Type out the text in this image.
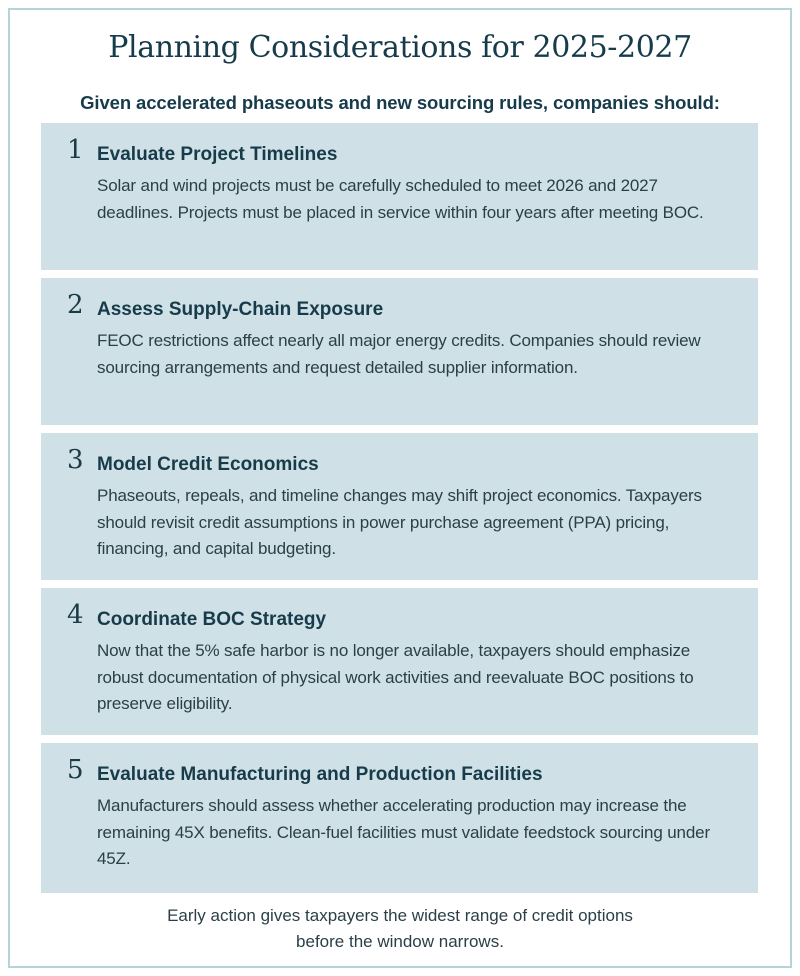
Planning Considerations for 2025-2027

Given accelerated phaseouts and new sourcing rules, companies should:

1 Evaluate Project Timelines

Solar and wind projects must be carefully scheduled to meet 2026 and 2027 deadlines. Projects must be placed in service within four years after meeting BOC.

2 Assess Supply-Chain Exposure

FEOC restrictions affect nearly all major energy credits. Companies should review sourcing arrangements and request detailed supplier information.

3 Model Credit Economics

Phaseouts, repeals, and timeline changes may shift project economics. Taxpayers should revisit credit assumptions in power purchase agreement (PPA) pricing, financing, and capital budgeting.

4 Coordinate BOC Strategy

Now that the 5% safe harbor is no longer available, taxpayers should emphasize robust documentation of physical work activities and reevaluate BOC positions to preserve eligibility.

5 Evaluate Manufacturing and Production Facilities

Manufacturers should assess whether accelerating production may increase the remaining 45X benefits. Clean-fuel facilities must validate feedstock sourcing under 45Z.

Early action gives taxpayers the widest range of credit options
before the window narrows.
